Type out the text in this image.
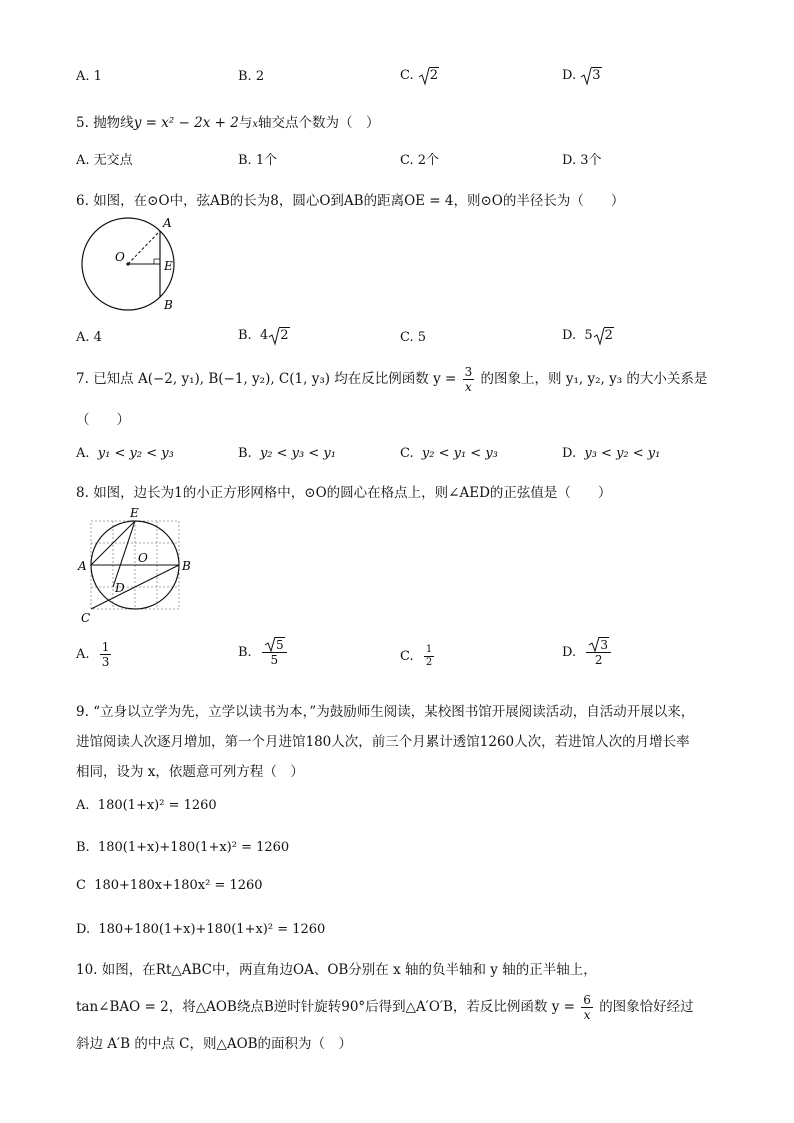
A. 1	B. 2	C. 2	D. 3
5. 抛物线y = x² − 2x + 2与x轴交点个数为（　）
A. 无交点	B. 1个	C. 2个	D. 3个
6. 如图，在⊙O中，弦AB的长为8，圆心O到AB的距离OE = 4，则⊙O的半径长为（　　）
O
A
E
B
A. 4	B. 4 2	C. 5	D. 5 2
7. 已知点 A(−2, y₁), B(−1, y₂), C(1, y₃) 均在反比例函数 $y = \frac{3}{x}$ 的图象上，则 y₁, y₂, y₃ 的大小关系是
（　　）
A. y₁ < y₂ < y₃	B. y₂ < y₃ < y₁	C. y₂ < y₁ < y₃	D. y₃ < y₂ < y₁
8. 如图，边长为1的小正方形网格中，⊙O的圆心在格点上，则∠AED的正弦值是（　　）
E
O
A	B
D
C
A. $\frac{1}{3}$	B. $\frac{5}{5}$	C. $\frac{1}{2}$	D. $\frac{3}{2}$
9. “立身以立学为先，立学以读书为本，”为鼓励师生阅读，某校图书馆开展阅读活动，自活动开展以来，
进馆阅读人次逐月增加，第一个月进馆180人次，前三个月累计透馆1260人次，若进馆人次的月增长率
相同，设为 x，依题意可列方程（　）
A. 180(1+x)² = 1260
B. 180(1+x)+180(1+x)² = 1260
C 180+180x+180x² = 1260
D. 180+180(1+x)+180(1+x)² = 1260
10. 如图，在Rt△ABC中，两直角边OA、OB分别在 x 轴的负半轴和 y 轴的正半轴上，
tan∠BAO = 2，将△AOB绕点B逆时针旋转90°后得到△A′O′B，若反比例函数 $y = \frac{6}{x}$ 的图象恰好经过
斜边 A′B 的中点 C，则△AOB的面积为（　）
